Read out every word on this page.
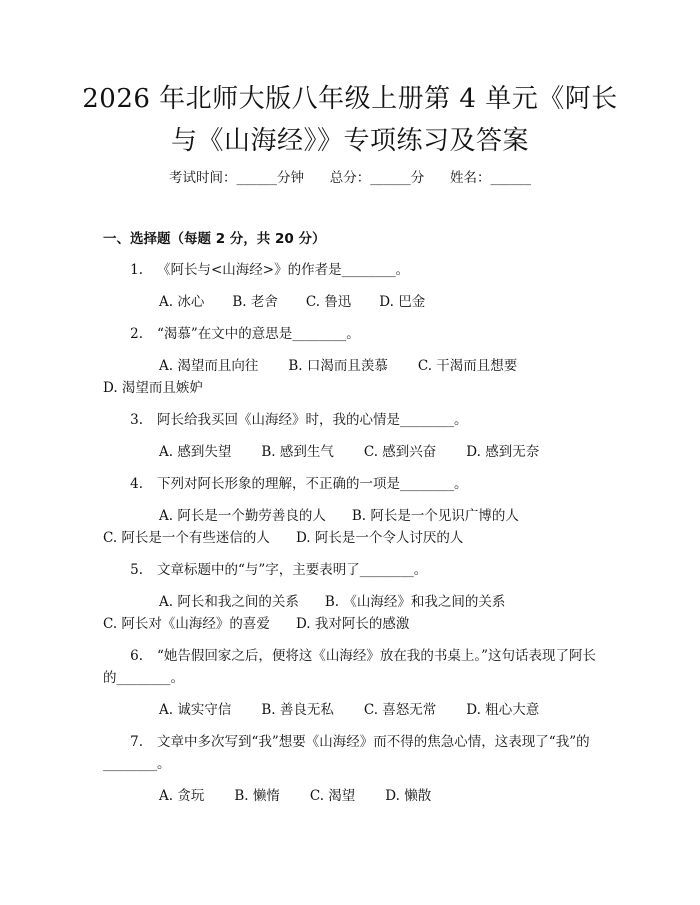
2026 年北师大版八年级上册第 4 单元《阿长
与《山海经》》专项练习及答案
考试时间：______分钟 总分：______分 姓名：______
一、选择题（每题 2 分，共 20 分）
1. 《阿长与<山海经>》的作者是________。
A. 冰心 B. 老舍 C. 鲁迅 D. 巴金
2. “渴慕”在文中的意思是________。
A. 渴望而且向往 B. 口渴而且羡慕 C. 干渴而且想要
D. 渴望而且嫉妒
3. 阿长给我买回《山海经》时，我的心情是________。
A. 感到失望 B. 感到生气 C. 感到兴奋 D. 感到无奈
4. 下列对阿长形象的理解，不正确的一项是________。
A. 阿长是一个勤劳善良的人 B. 阿长是一个见识广博的人
C. 阿长是一个有些迷信的人 D. 阿长是一个令人讨厌的人
5. 文章标题中的“与”字，主要表明了________。
A. 阿长和我之间的关系 B. 《山海经》和我之间的关系
C. 阿长对《山海经》的喜爱 D. 我对阿长的感激
6. “她告假回家之后，便将这《山海经》放在我的书桌上。”这句话表现了阿长的________。
A. 诚实守信 B. 善良无私 C. 喜怒无常 D. 粗心大意
7. 文章中多次写到“我”想要《山海经》而不得的焦急心情，这表现了“我”的________。
A. 贪玩 B. 懒惰 C. 渴望 D. 懒散
